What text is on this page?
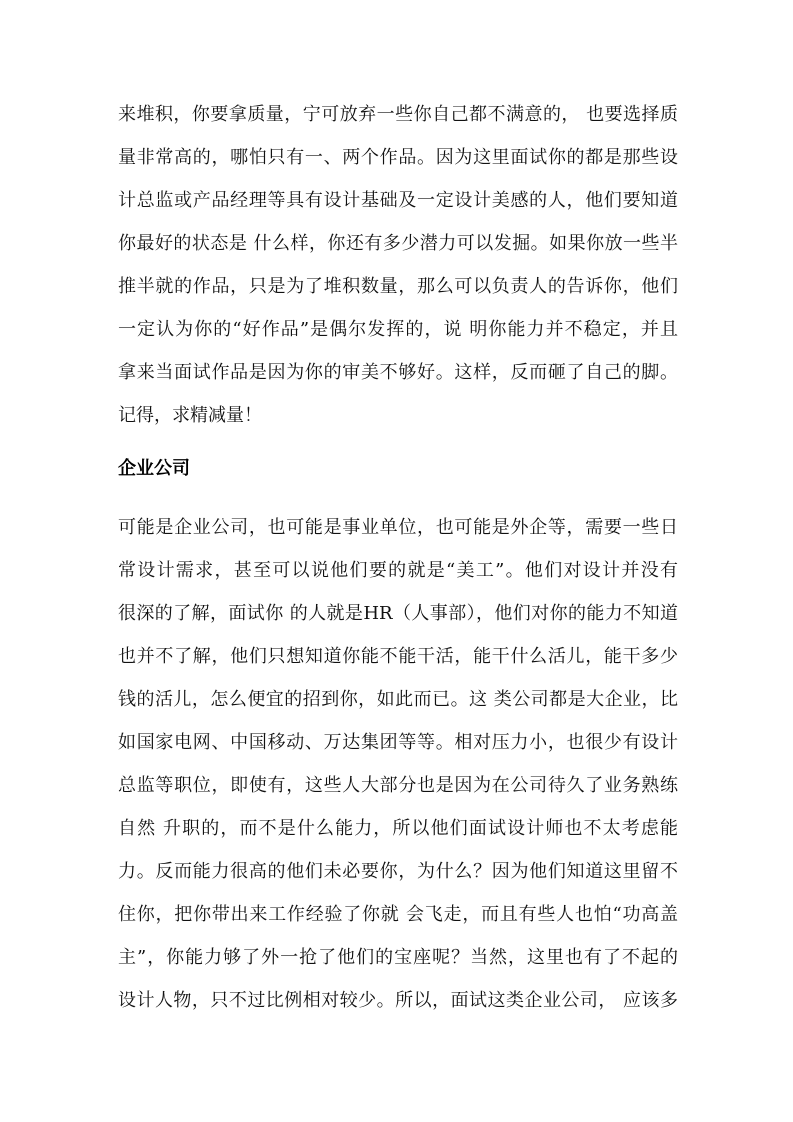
来堆积，你要拿质量，宁可放弃一些你自己都不满意的， 也要选择质
量非常高的，哪怕只有一、两个作品。因为这里面试你的都是那些设
计总监或产品经理等具有设计基础及一定设计美感的人，他们要知道
你最好的状态是 什么样，你还有多少潜力可以发掘。如果你放一些半
推半就的作品，只是为了堆积数量，那么可以负责人的告诉你，他们
一定认为你的“好作品”是偶尔发挥的，说 明你能力并不稳定，并且
拿来当面试作品是因为你的审美不够好。这样，反而砸了自己的脚。
记得，求精减量！
企业公司
可能是企业公司，也可能是事业单位，也可能是外企等，需要一些日
常设计需求，甚至可以说他们要的就是“美工”。他们对设计并没有
很深的了解，面试你 的人就是HR（人事部），他们对你的能力不知道
也并不了解，他们只想知道你能不能干活，能干什么活儿，能干多少
钱的活儿，怎么便宜的招到你，如此而已。这 类公司都是大企业，比
如国家电网、中国移动、万达集团等等。相对压力小，也很少有设计
总监等职位，即使有，这些人大部分也是因为在公司待久了业务熟练
自然 升职的，而不是什么能力，所以他们面试设计师也不太考虑能
力。反而能力很高的他们未必要你，为什么？因为他们知道这里留不
住你，把你带出来工作经验了你就 会飞走，而且有些人也怕“功高盖
主”，你能力够了外一抢了他们的宝座呢？当然，这里也有了不起的
设计人物，只不过比例相对较少。所以，面试这类企业公司， 应该多
